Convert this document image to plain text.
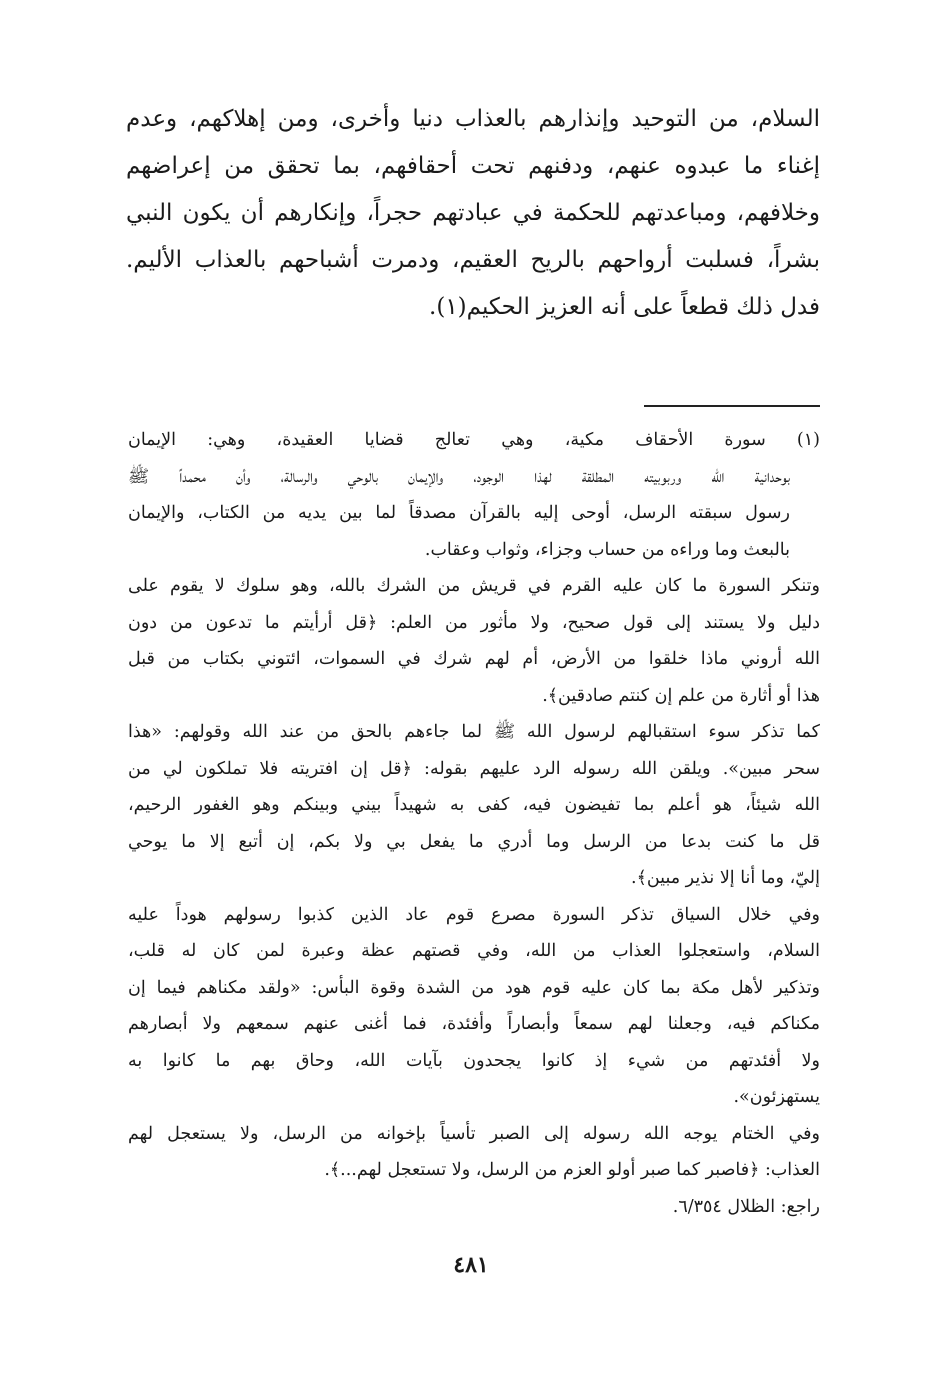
السلام، من التوحيد وإنذارهم بالعذاب دنيا وأخرى، ومن إهلاكهم، وعدم
إغناء ما عبدوه عنهم، ودفنهم تحت أحقافهم، بما تحقق من إعراضهم
وخلافهم، ومباعدتهم للحكمة في عبادتهم حجراً، وإنكارهم أن يكون النبي
بشراً، فسلبت أرواحهم بالريح العقيم، ودمرت أشباحهم بالعذاب الأليم.
فدل ذلك قطعاً على أنه العزيز الحكيم(١).
(١) سورة الأحقاف مكية، وهي تعالج قضايا العقيدة، وهي: الإيمان
بوحدانية الله وربوبيته المطلقة لهذا الوجود، والإيمان بالوحي والرسالة، وأن محمداً ﷺ
رسول سبقته الرسل، أوحى إليه بالقرآن مصدقاً لما بين يديه من الكتاب، والإيمان
بالبعث وما وراءه من حساب وجزاء، وثواب وعقاب.
وتنكر السورة ما كان عليه القرم في قريش من الشرك بالله، وهو سلوك لا يقوم على
دليل ولا يستند إلى قول صحيح، ولا مأثور من العلم: ﴿قل أرأيتم ما تدعون من دون
الله أروني ماذا خلقوا من الأرض، أم لهم شرك في السموات، ائتوني بكتاب من قبل
هذا أو أثارة من علم إن كنتم صادقين﴾.
كما تذكر سوء استقبالهم لرسول الله ﷺ لما جاءهم بالحق من عند الله وقولهم: «هذا
سحر مبين». ويلقن الله رسوله الرد عليهم بقوله: ﴿قل إن افتريته فلا تملكون لي من
الله شيئاً، هو أعلم بما تفيضون فيه، كفى به شهيداً بيني وبينكم وهو الغفور الرحيم،
قل ما كنت بدعا من الرسل وما أدري ما يفعل بي ولا بكم، إن أتبع إلا ما يوحي
إليّ، وما أنا إلا نذير مبين﴾.
وفي خلال السياق تذكر السورة مصرع قوم عاد الذين كذبوا رسولهم هوداً عليه
السلام، واستعجلوا العذاب من الله، وفي قصتهم عظة وعبرة لمن كان له قلب،
وتذكير لأهل مكة بما كان عليه قوم هود من الشدة وقوة البأس: «ولقد مكناهم فيما إن
مكناكم فيه، وجعلنا لهم سمعاً وأبصاراً وأفئدة، فما أغنى عنهم سمعهم ولا أبصارهم
ولا أفئدتهم من شيء إذ كانوا يجحدون بآيات الله، وحاق بهم ما كانوا به
يستهزئون».
وفي الختام يوجه الله رسوله إلى الصبر تأسياً بإخوانه من الرسل، ولا يستعجل لهم
العذاب: ﴿فاصبر كما صبر أولو العزم من الرسل، ولا تستعجل لهم...﴾.
راجع: الظلال ٦/٣٥٤.
٤٨١
